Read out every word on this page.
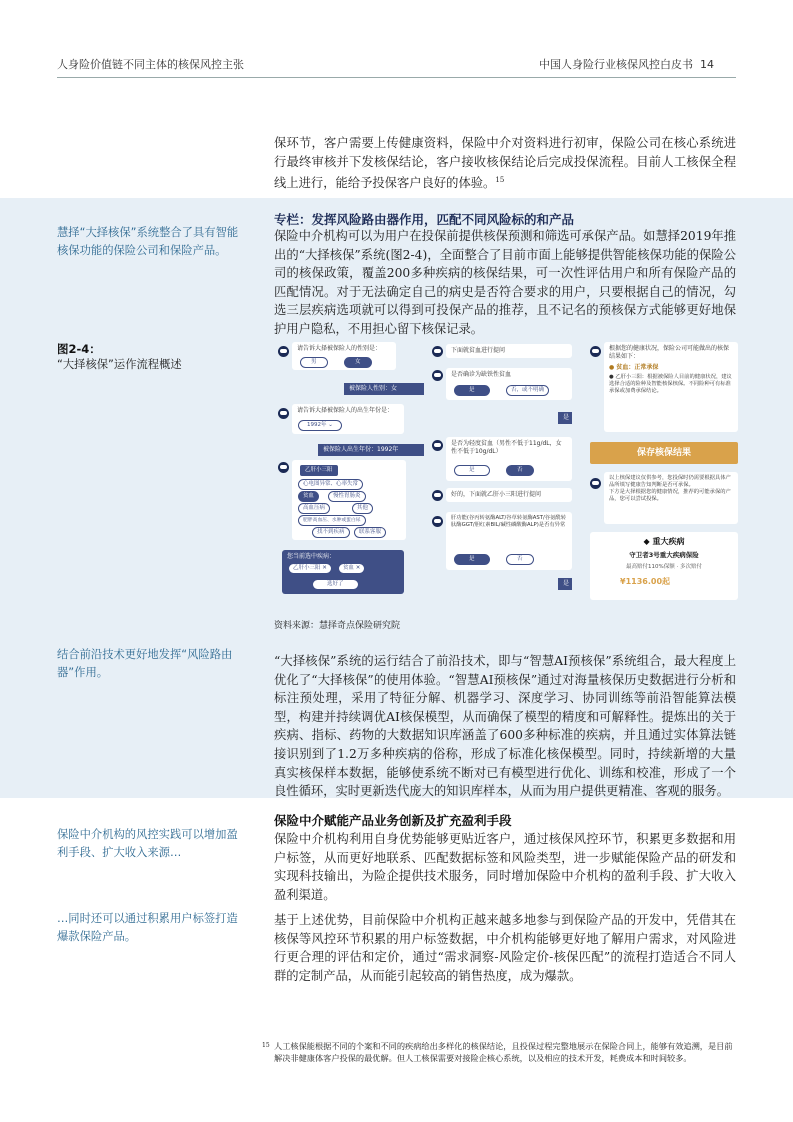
人身险价值链不同主体的核保风控主张	中国人身险行业核保风控白皮书 14
保环节，客户需要上传健康资料，保险中介对资料进行初审，保险公司在核心系统进行最终审核并下发核保结论，客户接收核保结论后完成投保流程。目前人工核保全程线上进行，能给予投保客户良好的体验。$^{15}$
慧择“大择核保”系统整合了具有智能核保功能的保险公司和保险产品。
专栏：发挥风险路由器作用，匹配不同风险标的和产品
保险中介机构可以为用户在投保前提供核保预测和筛选可承保产品。如慧择2019年推出的“大择核保”系统(图2-4)，全面整合了目前市面上能够提供智能核保功能的保险公司的核保政策，覆盖200多种疾病的核保结果，可一次性评估用户和所有保险产品的匹配情况。对于无法确定自己的病史是否符合要求的用户，只要根据自己的情况，勾选三层疾病选项就可以得到可投保产品的推荐，且不记名的预核保方式能够更好地保护用户隐私，不用担心留下核保记录。
图2-4：
“大择核保”运作流程概述
请告诉大择被保险人的性别是：
男	女
被保险人性别：女
请告诉大择被保险人的出生年份是：
1992年 ⌄
被保险人出生年份：1992年
乙肝小三阳
心电图异常、心率失常
贫血	慢性胃肠炎
高血压病
肥胖高血压、水肿或蛋白尿
其他
找不到疾病	联系客服
您当前选中疾病：
乙肝小三阳 ✕	贫血 ✕
选好了
下面就贫血进行提问
是否确诊为缺铁性贫血
是	否，或不明确
是
是否为轻度贫血（男性不低于11g/dL，女性不低于10g/dL）
是	否
好的，下面就乙肝小三阳进行提问
肝功能(谷丙转氨酶ALT/谷草转氨酶AST/谷氨酰转肽酶GGT/胆红素BIL/碱性磷酸酶ALP)是否有异常
是	否
是
根据您的健康状况，保险公司可能做出的核保结果如下：
● 贫血：正常承保
● 乙肝小三阳：根据被保险人目前的健康状况，建议选择合适的险种及智能核保核保。不同险种可有标准承保或加费承保结论。
保存核保结果
以上核保建议仅供参考，您投保时仍需要根据具体产品所填写健康告知判断是否可承保。
下方是大择根据您的健康情况，推荐的可能承保的产品，您可以尝试投保。
◆ 重大疾病
守卫者3号重大疾病保险
最高赔付110%保额 · 多次赔付
¥1136.00起
资料来源：慧择奇点保险研究院
结合前沿技术更好地发挥“风险路由器”作用。
“大择核保”系统的运行结合了前沿技术，即与“智慧AI预核保”系统组合，最大程度上优化了“大择核保”的使用体验。“智慧AI预核保”通过对海量核保历史数据进行分析和标注预处理，采用了特征分解、机器学习、深度学习、协同训练等前沿智能算法模型，构建并持续调优AI核保模型，从而确保了模型的精度和可解释性。提炼出的关于疾病、指标、药物的大数据知识库涵盖了600多种标准的疾病，并且通过实体算法链接识别到了1.2万多种疾病的俗称，形成了标准化核保模型。同时，持续新增的大量真实核保样本数据，能够使系统不断对已有模型进行优化、训练和校准，形成了一个良性循环，实时更新迭代庞大的知识库样本，从而为用户提供更精准、客观的服务。
保险中介赋能产品业务创新及扩充盈利手段
保险中介机构的风控实践可以增加盈利手段、扩大收入来源…
保险中介机构利用自身优势能够更贴近客户，通过核保风控环节，积累更多数据和用户标签，从而更好地联系、匹配数据标签和风险类型，进一步赋能保险产品的研发和实现科技输出，为险企提供技术服务，同时增加保险中介机构的盈利手段、扩大收入盈利渠道。
…同时还可以通过积累用户标签打造爆款保险产品。
基于上述优势，目前保险中介机构正越来越多地参与到保险产品的开发中，凭借其在核保等风控环节积累的用户标签数据，中介机构能够更好地了解用户需求，对风险进行更合理的评估和定价，通过“需求洞察-风险定价-核保匹配”的流程打造适合不同人群的定制产品，从而能引起较高的销售热度，成为爆款。
15 人工核保能根据不同的个案和不同的疾病给出多样化的核保结论，且投保过程完整地展示在保险合同上，能够有效追溯，是目前解决非健康体客户投保的最优解。但人工核保需要对接险企核心系统，以及相应的技术开发，耗费成本和时间较多。
